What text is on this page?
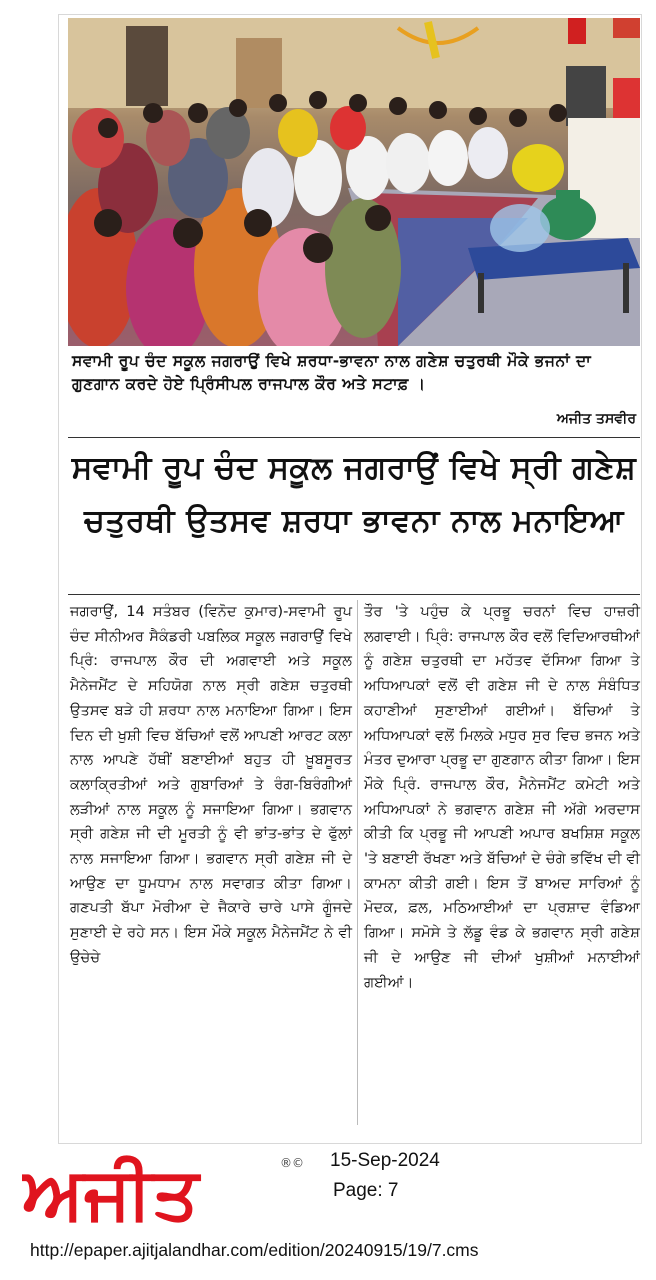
ਸਵਾਮੀ ਰੂਪ ਚੰਦ ਸਕੂਲ ਜਗਰਾਉਂ ਵਿਖੇ ਸ਼ਰਧਾ-ਭਾਵਨਾ ਨਾਲ ਗਣੇਸ਼ ਚਤੁਰਥੀ ਮੌਕੇ ਭਜਨਾਂ ਦਾ ਗੁਣਗਾਨ ਕਰਦੇ ਹੋਏ ਪ੍ਰਿੰਸੀਪਲ ਰਾਜਪਾਲ ਕੌਰ ਅਤੇ ਸਟਾਫ਼ ।
ਅਜੀਤ ਤਸਵੀਰ
ਸਵਾਮੀ ਰੂਪ ਚੰਦ ਸਕੂਲ ਜਗਰਾਉਂ ਵਿਖੇ ਸ੍ਰੀ ਗਣੇਸ਼
ਚਤੁਰਥੀ ਉਤਸਵ ਸ਼ਰਧਾ ਭਾਵਨਾ ਨਾਲ ਮਨਾਇਆ
ਜਗਰਾਉਂ, 14 ਸਤੰਬਰ (ਵਿਨੋਦ ਕੁਮਾਰ)-ਸਵਾਮੀ ਰੂਪ ਚੰਦ ਸੀਨੀਅਰ ਸੈਕੰਡਰੀ ਪਬਲਿਕ ਸਕੂਲ ਜਗਰਾਉਂ ਵਿਖੇ ਪ੍ਰਿੰ: ਰਾਜਪਾਲ ਕੌਰ ਦੀ ਅਗਵਾਈ ਅਤੇ ਸਕੂਲ ਮੈਨੇਜਮੈਂਟ ਦੇ ਸਹਿਯੋਗ ਨਾਲ ਸ੍ਰੀ ਗਣੇਸ਼ ਚਤੁਰਥੀ ਉਤਸਵ ਬੜੇ ਹੀ ਸ਼ਰਧਾ ਨਾਲ ਮਨਾਇਆ ਗਿਆ। ਇਸ ਦਿਨ ਦੀ ਖੁਸ਼ੀ ਵਿਚ ਬੱਚਿਆਂ ਵਲੋਂ ਆਪਣੀ ਆਰਟ ਕਲਾ ਨਾਲ ਆਪਣੇ ਹੱਥੀਂ ਬਣਾਈਆਂ ਬਹੁਤ ਹੀ ਖ਼ੂਬਸੂਰਤ ਕਲਾਕ੍ਰਿਤੀਆਂ ਅਤੇ ਗੁਬਾਰਿਆਂ ਤੇ ਰੰਗ-ਬਿਰੰਗੀਆਂ ਲੜੀਆਂ ਨਾਲ ਸਕੂਲ ਨੂੰ ਸਜਾਇਆ ਗਿਆ। ਭਗਵਾਨ ਸ੍ਰੀ ਗਣੇਸ਼ ਜੀ ਦੀ ਮੂਰਤੀ ਨੂੰ ਵੀ ਭਾਂਤ-ਭਾਂਤ ਦੇ ਫੁੱਲਾਂ ਨਾਲ ਸਜਾਇਆ ਗਿਆ। ਭਗਵਾਨ ਸ੍ਰੀ ਗਣੇਸ਼ ਜੀ ਦੇ ਆਉਣ ਦਾ ਧੂਮਧਾਮ ਨਾਲ ਸਵਾਗਤ ਕੀਤਾ ਗਿਆ। ਗਣਪਤੀ ਬੱਪਾ ਮੋਰੀਆ ਦੇ ਜੈਕਾਰੇ ਚਾਰੇ ਪਾਸੇ ਗੂੰਜਦੇ ਸੁਣਾਈ ਦੇ ਰਹੇ ਸਨ। ਇਸ ਮੌਕੇ ਸਕੂਲ ਮੈਨੇਜਮੈਂਟ ਨੇ ਵੀ ਉਚੇਚੇ
ਤੌਰ 'ਤੇ ਪਹੁੰਚ ਕੇ ਪ੍ਰਭੂ ਚਰਨਾਂ ਵਿਚ ਹਾਜ਼ਰੀ ਲਗਵਾਈ। ਪ੍ਰਿੰ: ਰਾਜਪਾਲ ਕੌਰ ਵਲੋਂ ਵਿਦਿਆਰਥੀਆਂ ਨੂੰ ਗਣੇਸ਼ ਚਤੁਰਥੀ ਦਾ ਮਹੱਤਵ ਦੱਸਿਆ ਗਿਆ ਤੇ ਅਧਿਆਪਕਾਂ ਵਲੋਂ ਵੀ ਗਣੇਸ਼ ਜੀ ਦੇ ਨਾਲ ਸੰਬੰਧਿਤ ਕਹਾਣੀਆਂ ਸੁਣਾਈਆਂ ਗਈਆਂ। ਬੱਚਿਆਂ ਤੇ ਅਧਿਆਪਕਾਂ ਵਲੋਂ ਮਿਲਕੇ ਮਧੁਰ ਸੁਰ ਵਿਚ ਭਜਨ ਅਤੇ ਮੰਤਰ ਦੁਆਰਾ ਪ੍ਰਭੂ ਦਾ ਗੁਣਗਾਨ ਕੀਤਾ ਗਿਆ। ਇਸ ਮੌਕੇ ਪ੍ਰਿੰ. ਰਾਜਪਾਲ ਕੌਰ, ਮੈਨੇਜਮੈਂਟ ਕਮੇਟੀ ਅਤੇ ਅਧਿਆਪਕਾਂ ਨੇ ਭਗਵਾਨ ਗਣੇਸ਼ ਜੀ ਅੱਗੇ ਅਰਦਾਸ ਕੀਤੀ ਕਿ ਪ੍ਰਭੂ ਜੀ ਆਪਣੀ ਅਪਾਰ ਬਖਸ਼ਿਸ਼ ਸਕੂਲ 'ਤੇ ਬਣਾਈ ਰੱਖਣਾ ਅਤੇ ਬੱਚਿਆਂ ਦੇ ਚੰਗੇ ਭਵਿੱਖ ਦੀ ਵੀ ਕਾਮਨਾ ਕੀਤੀ ਗਈ। ਇਸ ਤੋਂ ਬਾਅਦ ਸਾਰਿਆਂ ਨੂੰ ਮੋਦਕ, ਫ਼ਲ, ਮਠਿਆਈਆਂ ਦਾ ਪ੍ਰਸ਼ਾਦ ਵੰਡਿਆ ਗਿਆ। ਸਮੋਸੇ ਤੇ ਲੱਡੂ ਵੰਡ ਕੇ ਭਗਵਾਨ ਸ੍ਰੀ ਗਣੇਸ਼ ਜੀ ਦੇ ਆਉਣ ਜੀ ਦੀਆਂ ਖੁਸ਼ੀਆਂ ਮਨਾਈਆਂ ਗਈਆਂ।
ਅਜੀਤ	®© 15-Sep-2024
Page: 7
http://epaper.ajitjalandhar.com/edition/20240915/19/7.cms
